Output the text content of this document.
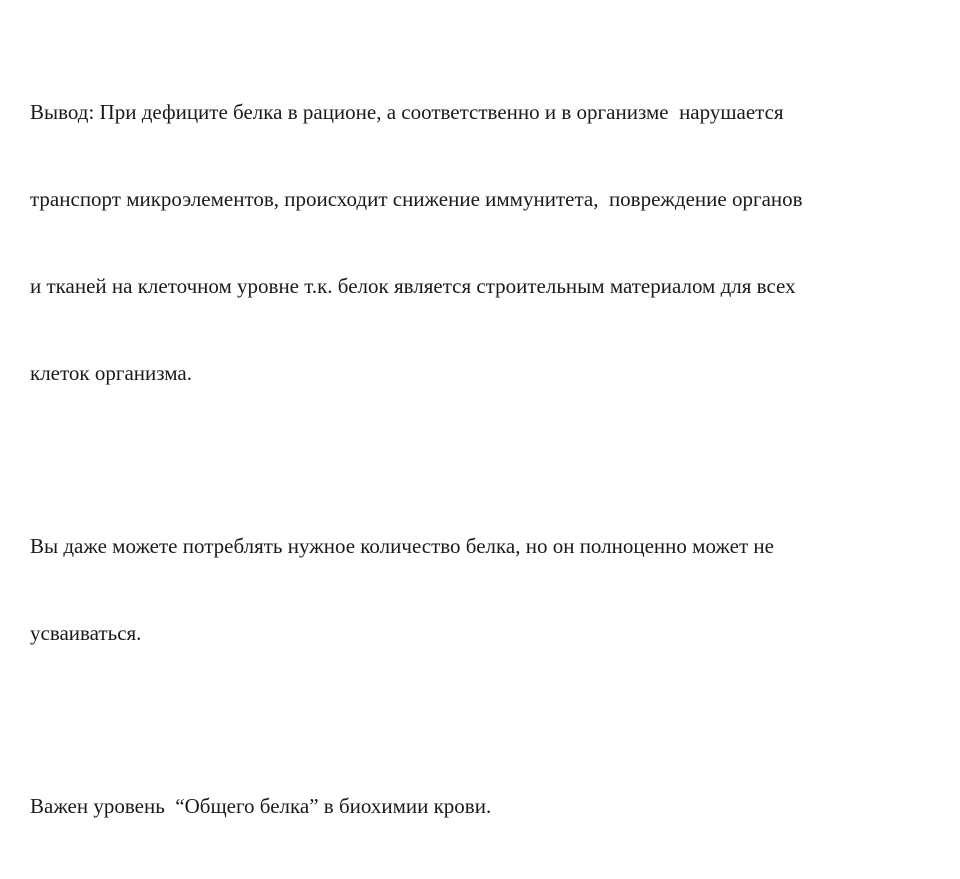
Вывод: При дефиците белка в рационе, а соответственно и в организме  нарушается

транспорт микроэлементов, происходит снижение иммунитета,  повреждение органов

и тканей на клеточном уровне т.к. белок является строительным материалом для всех

клеток организма.

Вы даже можете потреблять нужное количество белка, но он полноценно может не

усваиваться.

Важен уровень  “Общего белка” в биохимии крови.
